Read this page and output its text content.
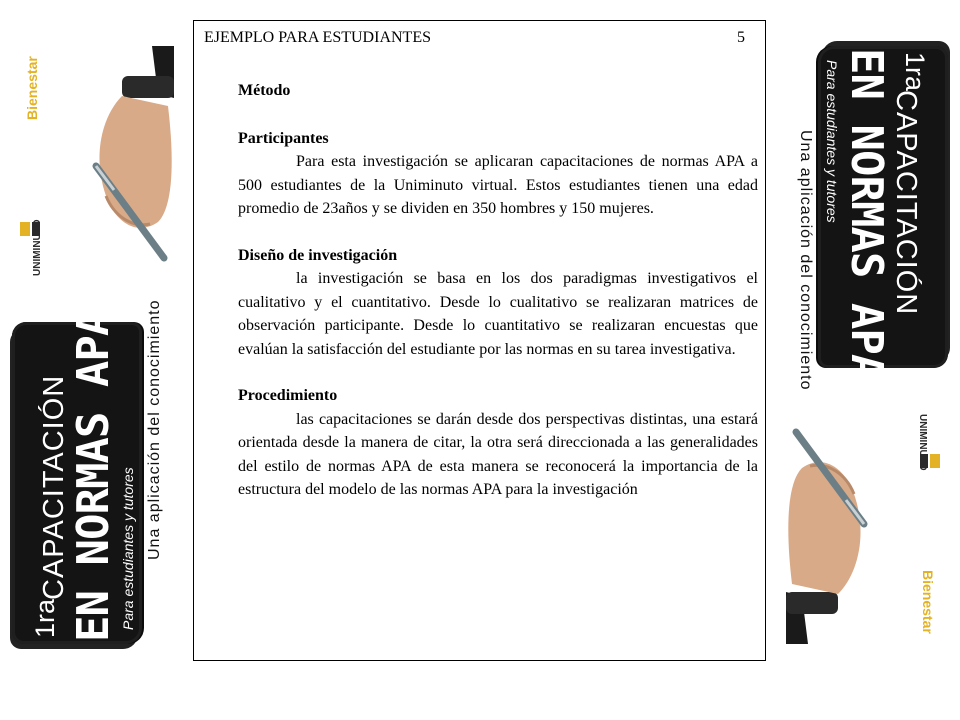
Bienestar
UNIMINUTO
1ra
CAPACITACIÓN
EN NORMAS APA Para estudiantes y tutores Una aplicación del conocimiento
Bienestar
UNIMINUTO
1ra
CAPACITACIÓN
EN NORMAS APA
Para estudiantes y tutores
Una aplicación del conocimiento
EJEMPLO PARA ESTUDIANTES	5

Método

Participantes

Para esta investigación se aplicaran capacitaciones de normas APA a 500 estudiantes de la Uniminuto virtual. Estos estudiantes tienen una edad promedio de 23años y se dividen en 350 hombres y 150 mujeres.

Diseño de investigación

la investigación se basa en los dos paradigmas investigativos el cualitativo y el cuantitativo. Desde lo cualitativo se realizaran matrices de observación participante. Desde lo cuantitativo se realizaran encuestas que evalúan la satisfacción del estudiante por las normas en su tarea investigativa.

Procedimiento

las capacitaciones se darán desde dos perspectivas distintas, una estará orientada desde la manera de citar, la otra será direccionada a las generalidades del estilo de normas APA de esta manera se reconocerá la importancia de la estructura del modelo de las normas APA para la investigación
